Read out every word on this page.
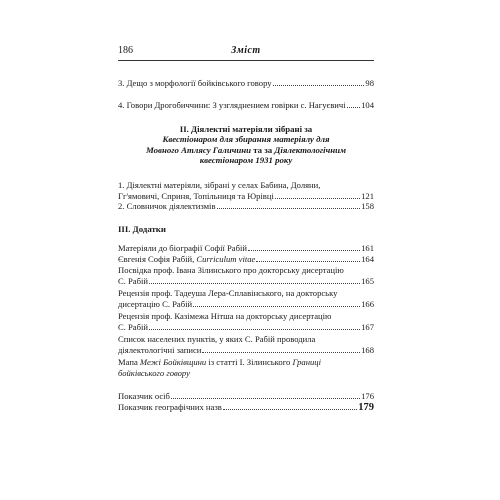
186	Зміст
3. Дещо з морфології бойківського говору	98
4. Говори Дрогобиччини: З узгляднением говірки с. Нагуєвичі 104
II. Діялектні матеріяли зібрані за
Квестіонаром для збирання матеріялу для
Мовного Атлясу Галичини та за Діялектологічним
квестіонаром 1931 року
1. Діялектні матеріяли, зібрані у селах Бабина, Доляни,
Гг'ямовичі, Сприня, Топільниця та Юрівці	121
2. Словничок діялектизмів	158
III. Додатки
Матеріяли до біографії Софії Рабій	161
Євгенія Софія Рабій, Curriculum vitae	164
Посвідка проф. Івана Зілинського про докторську дисертацію
С. Рабій	165
Рецензія проф. Тадеуша Лера-Сплавінського, на докторську
дисертацію С. Рабій	166
Рецензія проф. Казімежа Нітша на докторську дисертацію
С. Рабій	167
Список населених пунктів, у яких С. Рабій проводила
діялектологічні записи	168
Мапа Межі Бойківщини із статті І. Зілинського Границі
бойківського говору
Показчик осіб	176
Показчик географічних назв	179
